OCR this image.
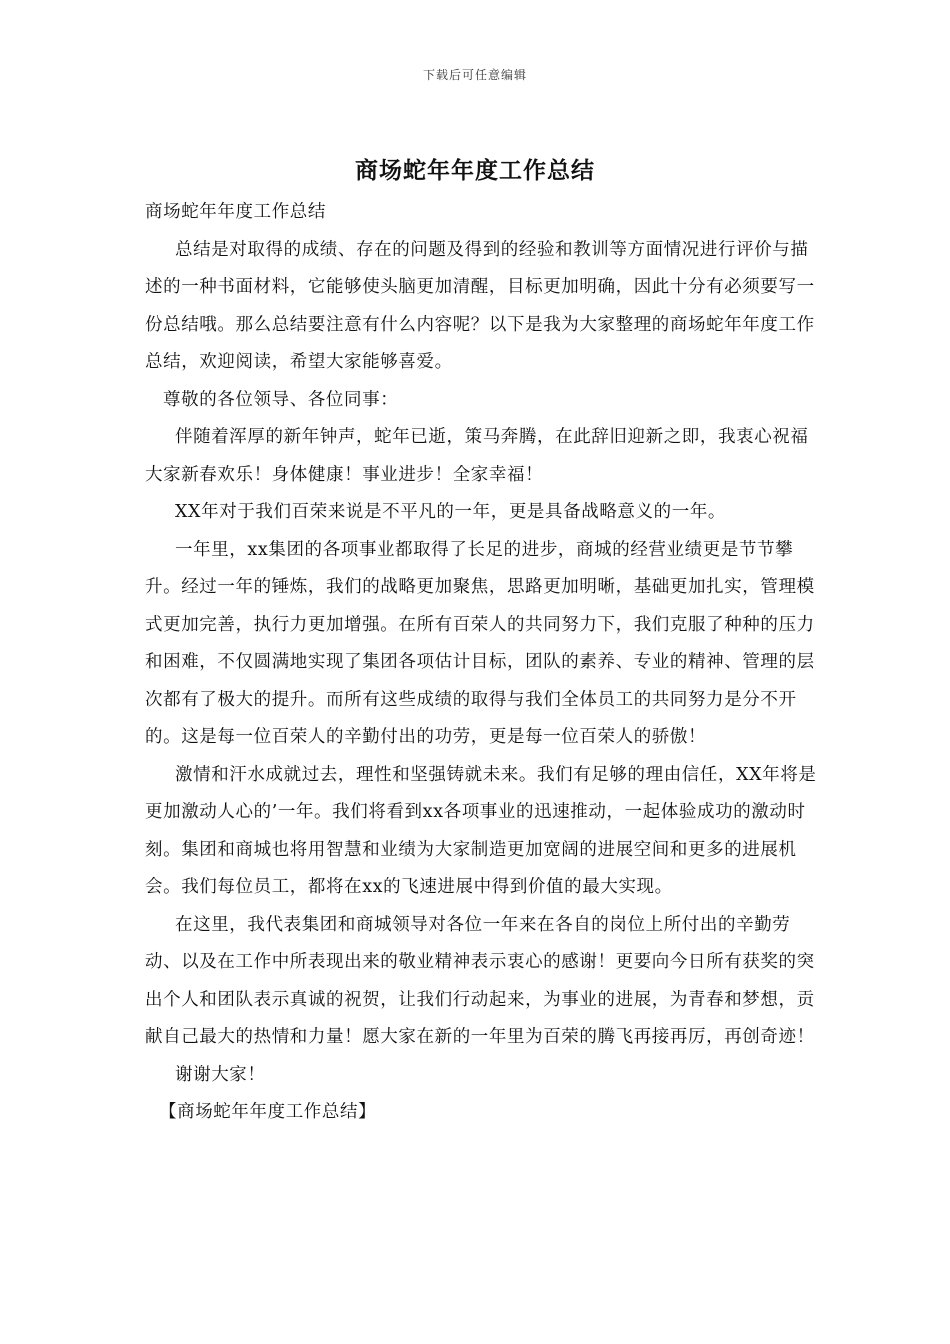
下载后可任意编辑
商场蛇年年度工作总结

商场蛇年年度工作总结

总结是对取得的成绩、存在的问题及得到的经验和教训等方面情况进行评价与描述的一种书面材料，它能够使头脑更加清醒，目标更加明确，因此十分有必须要写一份总结哦。那么总结要注意有什么内容呢？以下是我为大家整理的商场蛇年年度工作总结，欢迎阅读，希望大家能够喜爱。

尊敬的各位领导、各位同事：

伴随着浑厚的新年钟声，蛇年已逝，策马奔腾，在此辞旧迎新之即，我衷心祝福大家新春欢乐！身体健康！事业进步！全家幸福！

XX年对于我们百荣来说是不平凡的一年，更是具备战略意义的一年。

一年里，xx集团的各项事业都取得了长足的进步，商城的经营业绩更是节节攀升。经过一年的锤炼，我们的战略更加聚焦，思路更加明晰，基础更加扎实，管理模式更加完善，执行力更加增强。在所有百荣人的共同努力下，我们克服了种种的压力和困难，不仅圆满地实现了集团各项估计目标，团队的素养、专业的精神、管理的层次都有了极大的提升。而所有这些成绩的取得与我们全体员工的共同努力是分不开的。这是每一位百荣人的辛勤付出的功劳，更是每一位百荣人的骄傲！

激情和汗水成就过去，理性和坚强铸就未来。我们有足够的理由信任，XX年将是更加激动人心的’一年。我们将看到xx各项事业的迅速推动，一起体验成功的激动时刻。集团和商城也将用智慧和业绩为大家制造更加宽阔的进展空间和更多的进展机会。我们每位员工，都将在xx的飞速进展中得到价值的最大实现。

在这里，我代表集团和商城领导对各位一年来在各自的岗位上所付出的辛勤劳动、以及在工作中所表现出来的敬业精神表示衷心的感谢！更要向今日所有获奖的突出个人和团队表示真诚的祝贺，让我们行动起来，为事业的进展，为青春和梦想，贡献自己最大的热情和力量！愿大家在新的一年里为百荣的腾飞再接再厉，再创奇迹！

谢谢大家！

【商场蛇年年度工作总结】
